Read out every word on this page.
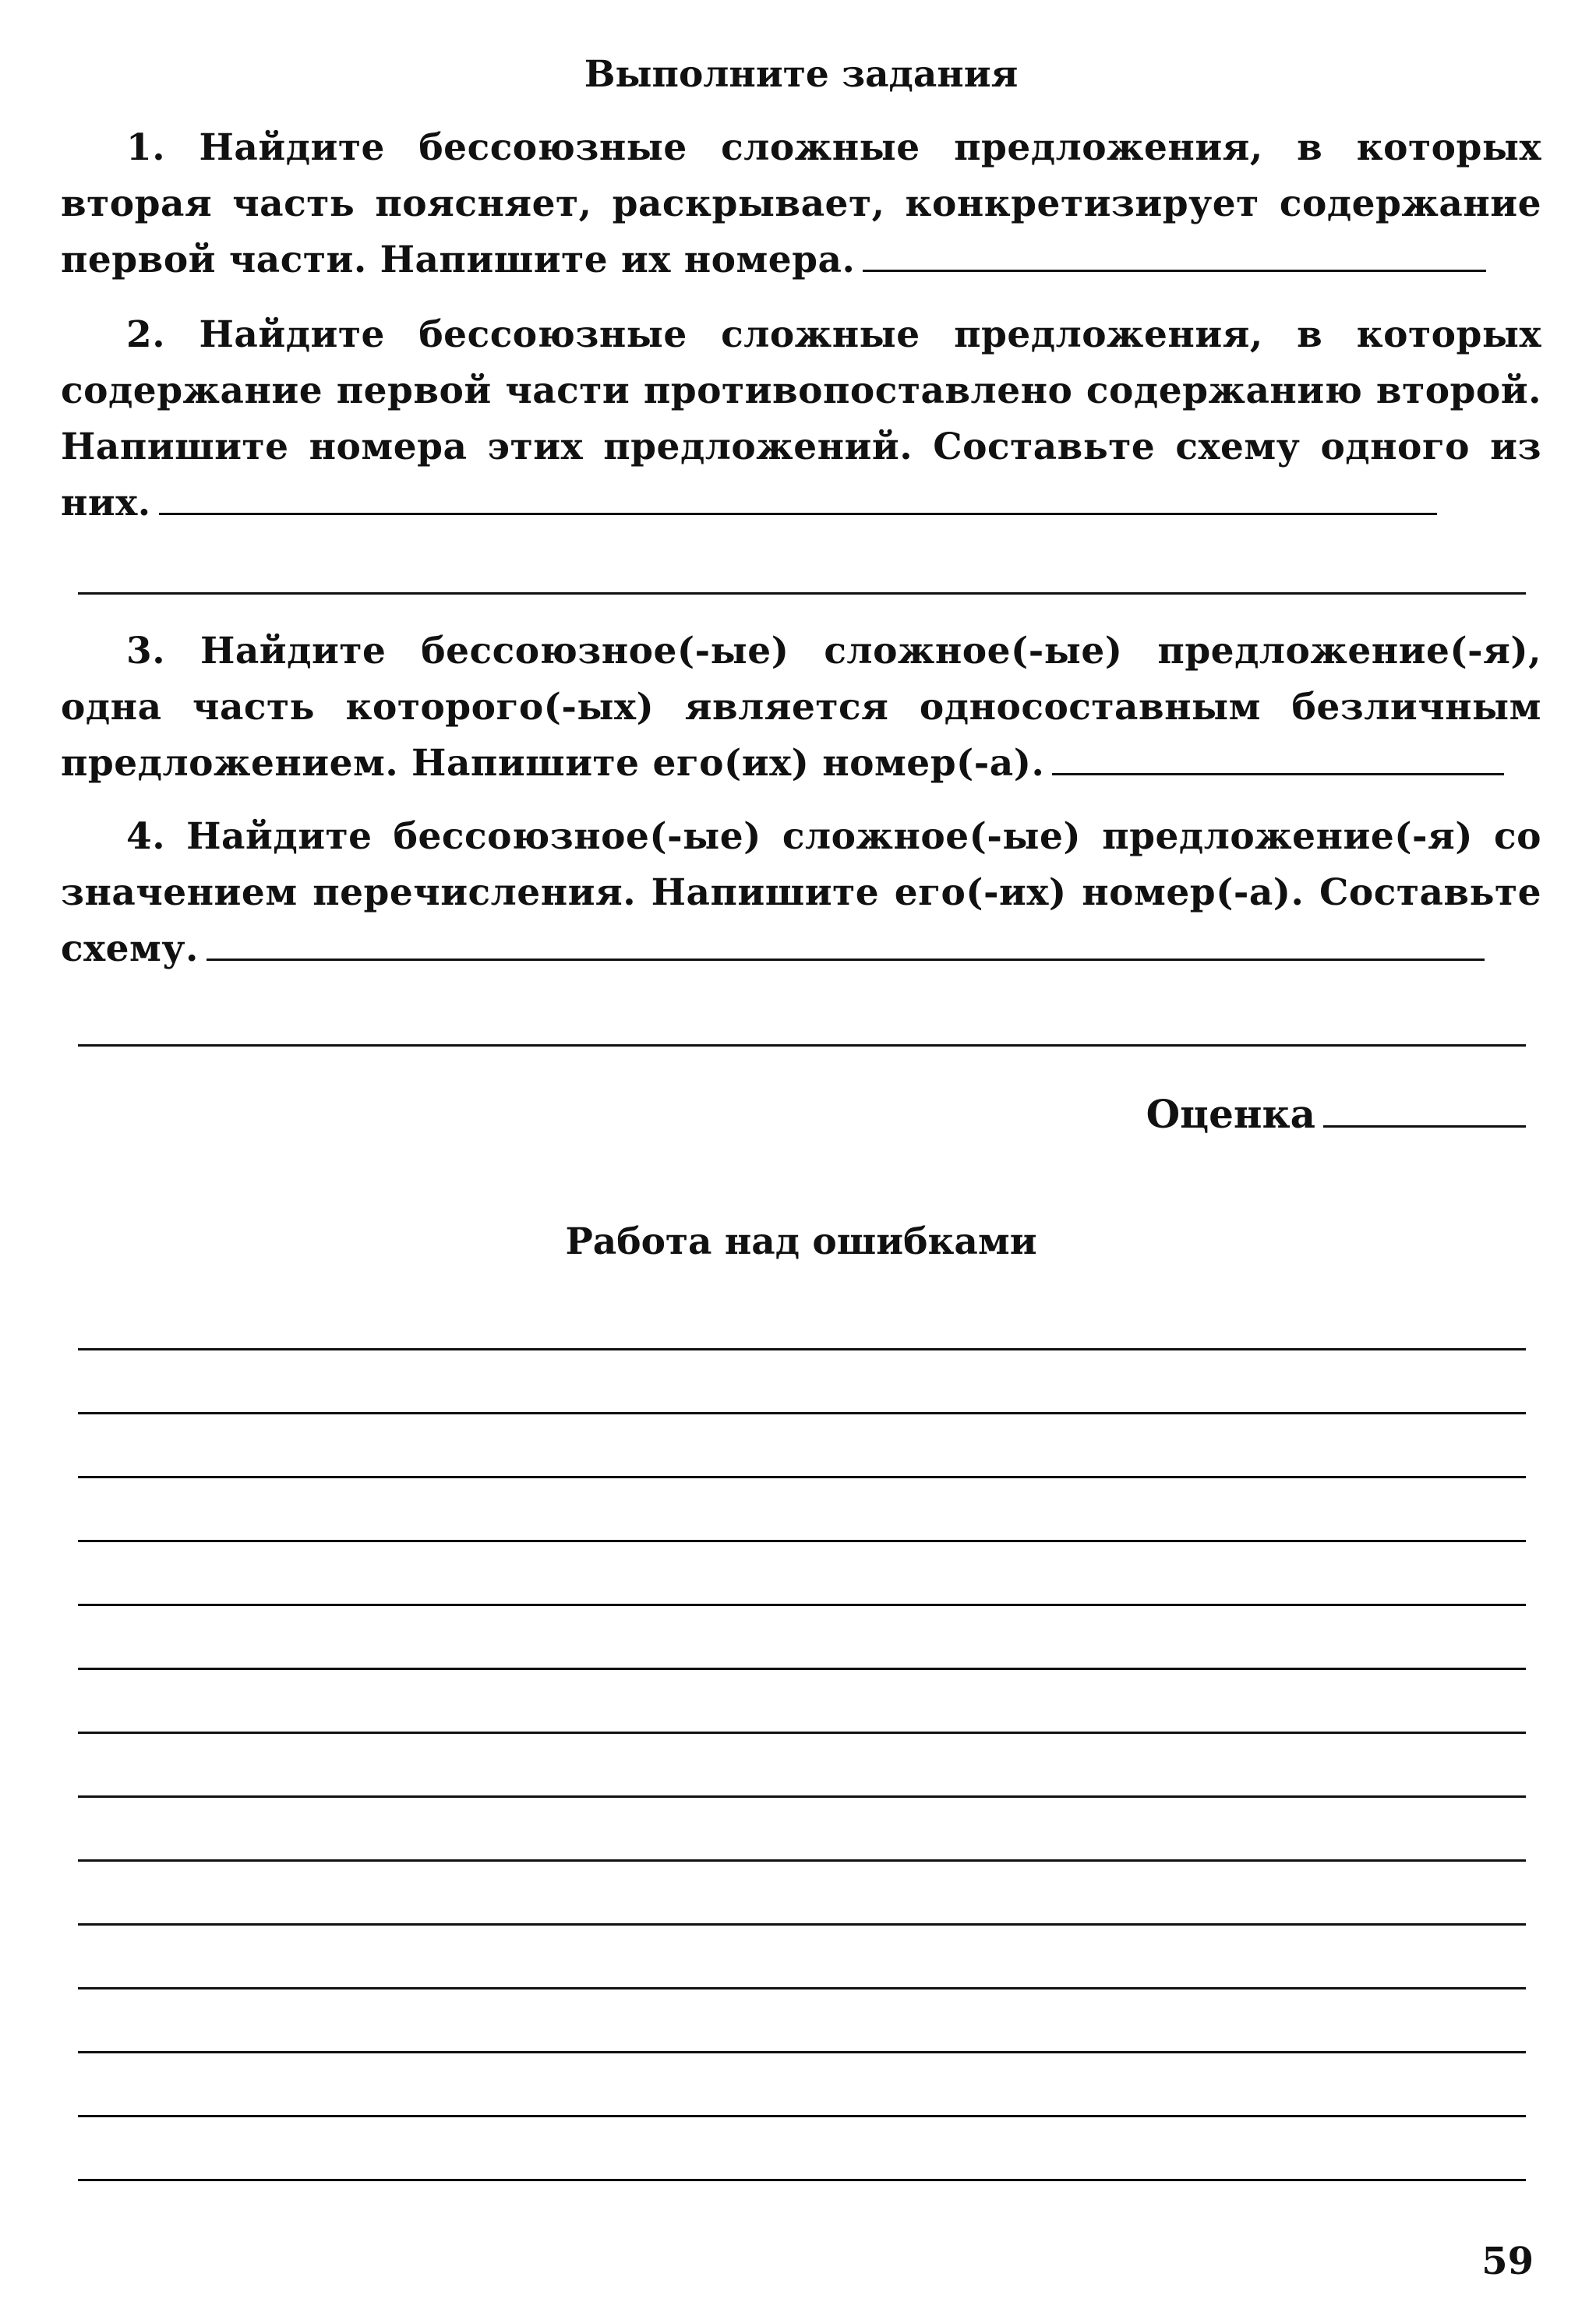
Выполните задания
1. Найдите бессоюзные сложные предложения, в которых вторая часть поясняет, раскрывает, конкретизирует содержание первой части. Напишите их номера.
2. Найдите бессоюзные сложные предложения, в которых содержание первой части противопоставлено содержанию второй. Напишите номера этих предложений. Составьте схему одного из них.
3. Найдите бессоюзное(-ые) сложное(-ые) предложение(-я), одна часть которого(-ых) является односоставным безличным предложением. Напишите его(их) номер(-а).
4. Найдите бессоюзное(-ые) сложное(-ые) предложение(-я) со значением перечисления. Напишите его(-их) номер(-а). Составьте схему.
Оценка
Работа над ошибками
59
